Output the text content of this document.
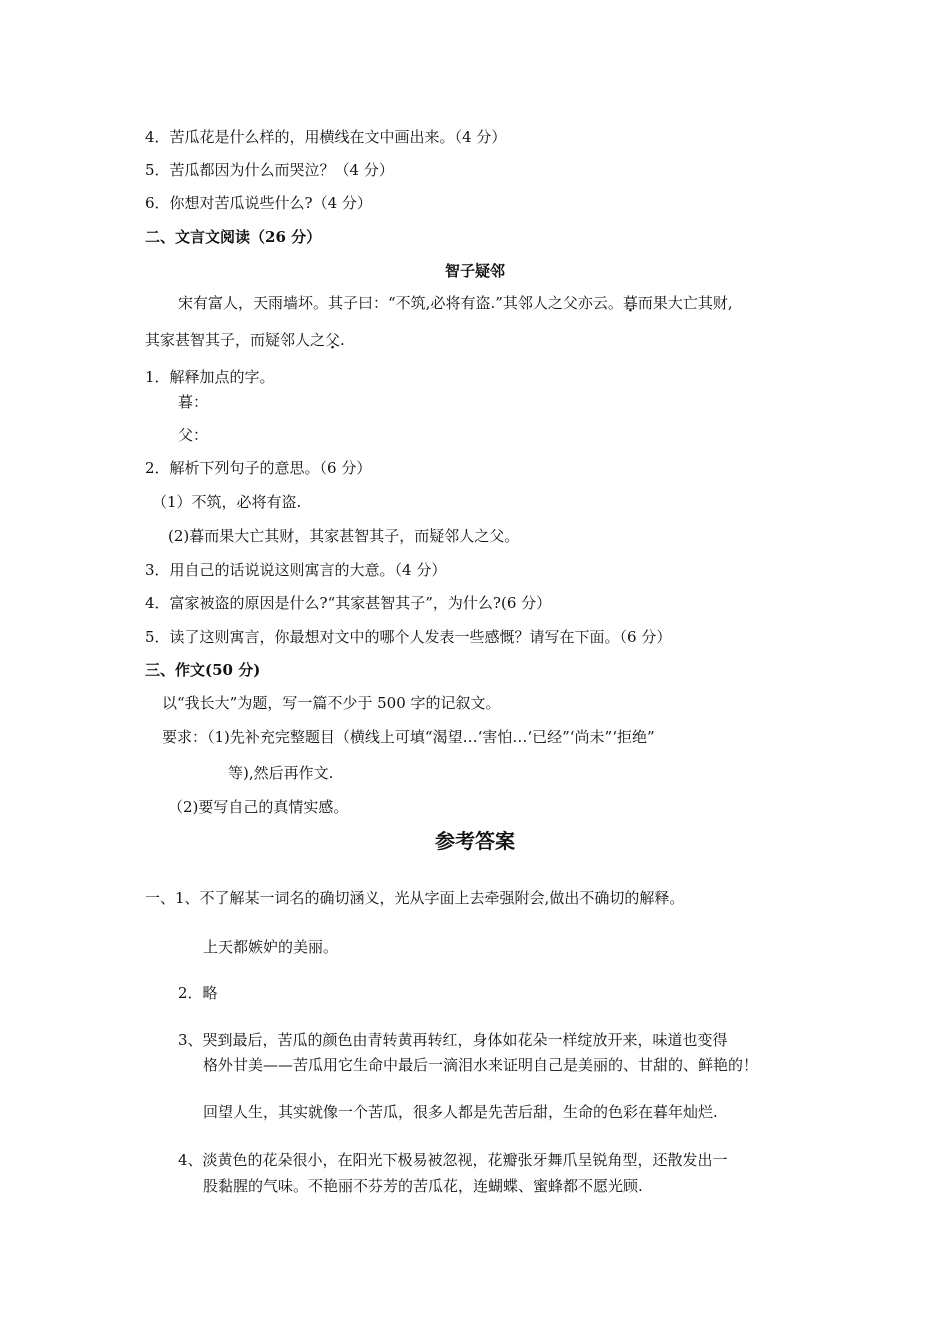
4．苦瓜花是什么样的，用横线在文中画出来。（4 分）
5．苦瓜都因为什么而哭泣？（4 分）
6．你想对苦瓜说些什么?（4 分）
二、文言文阅读（26 分）
智子疑邻
宋有富人，天雨墙坏。其子曰：“不筑,必将有盗.”其邻人之父亦云。暮而果大亡其财,
其家甚智其子，而疑邻人之父.
1．解释加点的字。
暮：
父：
2．解析下列句子的意思。（6 分）
（1）不筑，必将有盗.
(2)暮而果大亡其财，其家甚智其子，而疑邻人之父。
3．用自己的话说说这则寓言的大意。（4 分）
4．富家被盗的原因是什么?“其家甚智其子”，为什么?(6 分）
5．读了这则寓言，你最想对文中的哪个人发表一些感慨？请写在下面。（6 分）
三、作文(50 分)
以“我长大”为题，写一篇不少于 500 字的记叙文。
要求：（1)先补充完整题目（横线上可填“渴望…‘害怕…‘已经”‘尚未”‘拒绝”
等),然后再作文.
（2)要写自己的真情实感。
参考答案
一、1、不了解某一词名的确切涵义，光从字面上去牵强附会,做出不确切的解释。
上天都嫉妒的美丽。
2．略
3、哭到最后，苦瓜的颜色由青转黄再转红，身体如花朵一样绽放开来，味道也变得
格外甘美——苦瓜用它生命中最后一滴泪水来证明自己是美丽的、甘甜的、鲜艳的！
回望人生，其实就像一个苦瓜，很多人都是先苦后甜，生命的色彩在暮年灿烂.
4、淡黄色的花朵很小，在阳光下极易被忽视，花瓣张牙舞爪呈锐角型，还散发出一
股黏腥的气味。不艳丽不芬芳的苦瓜花，连蝴蝶、蜜蜂都不愿光顾.
